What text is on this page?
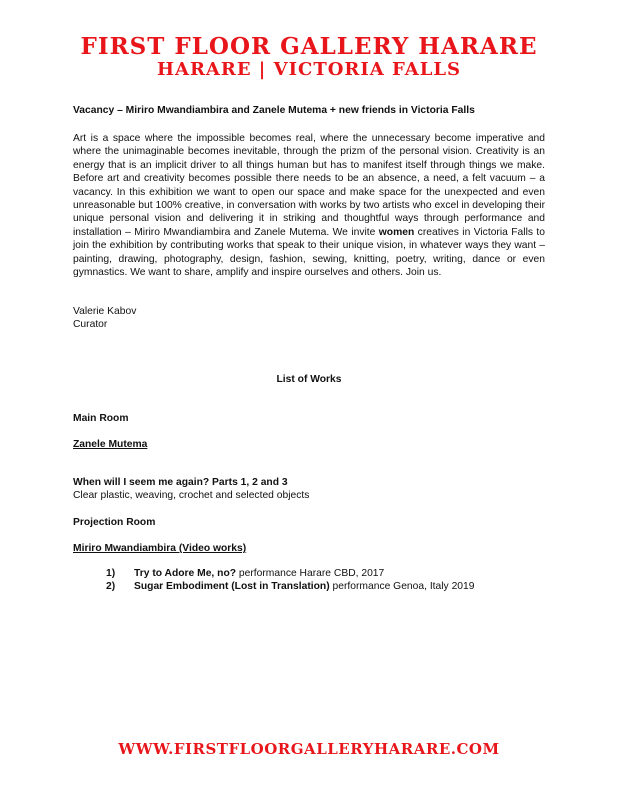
FIRST FLOOR GALLERY HARARE
HARARE | VICTORIA FALLS
Vacancy – Miriro Mwandiambira and Zanele Mutema + new friends in Victoria Falls
Art is a space where the impossible becomes real, where the unnecessary become imperative and where the unimaginable becomes inevitable, through the prizm of the personal vision. Creativity is an energy that is an implicit driver to all things human but has to manifest itself through things we make. Before art and creativity becomes possible there needs to be an absence, a need, a felt vacuum – a vacancy. In this exhibition we want to open our space and make space for the unexpected and even unreasonable but 100% creative, in conversation with works by two artists who excel in developing their unique personal vision and delivering it in striking and thoughtful ways through performance and installation – Miriro Mwandiambira and Zanele Mutema. We invite women creatives in Victoria Falls to join the exhibition by contributing works that speak to their unique vision, in whatever ways they want – painting, drawing, photography, design, fashion, sewing, knitting, poetry, writing, dance or even gymnastics. We want to share, amplify and inspire ourselves and others. Join us.
Valerie Kabov
Curator
List of Works
Main Room
Zanele Mutema
When will I seem me again? Parts 1, 2 and 3
Clear plastic, weaving, crochet and selected objects
Projection Room
Miriro Mwandiambira (Video works)
1)	Try to Adore Me, no? performance Harare CBD, 2017
2)	Sugar Embodiment (Lost in Translation) performance Genoa, Italy 2019
WWW.FIRSTFLOORGALLERYHARARE.COM
